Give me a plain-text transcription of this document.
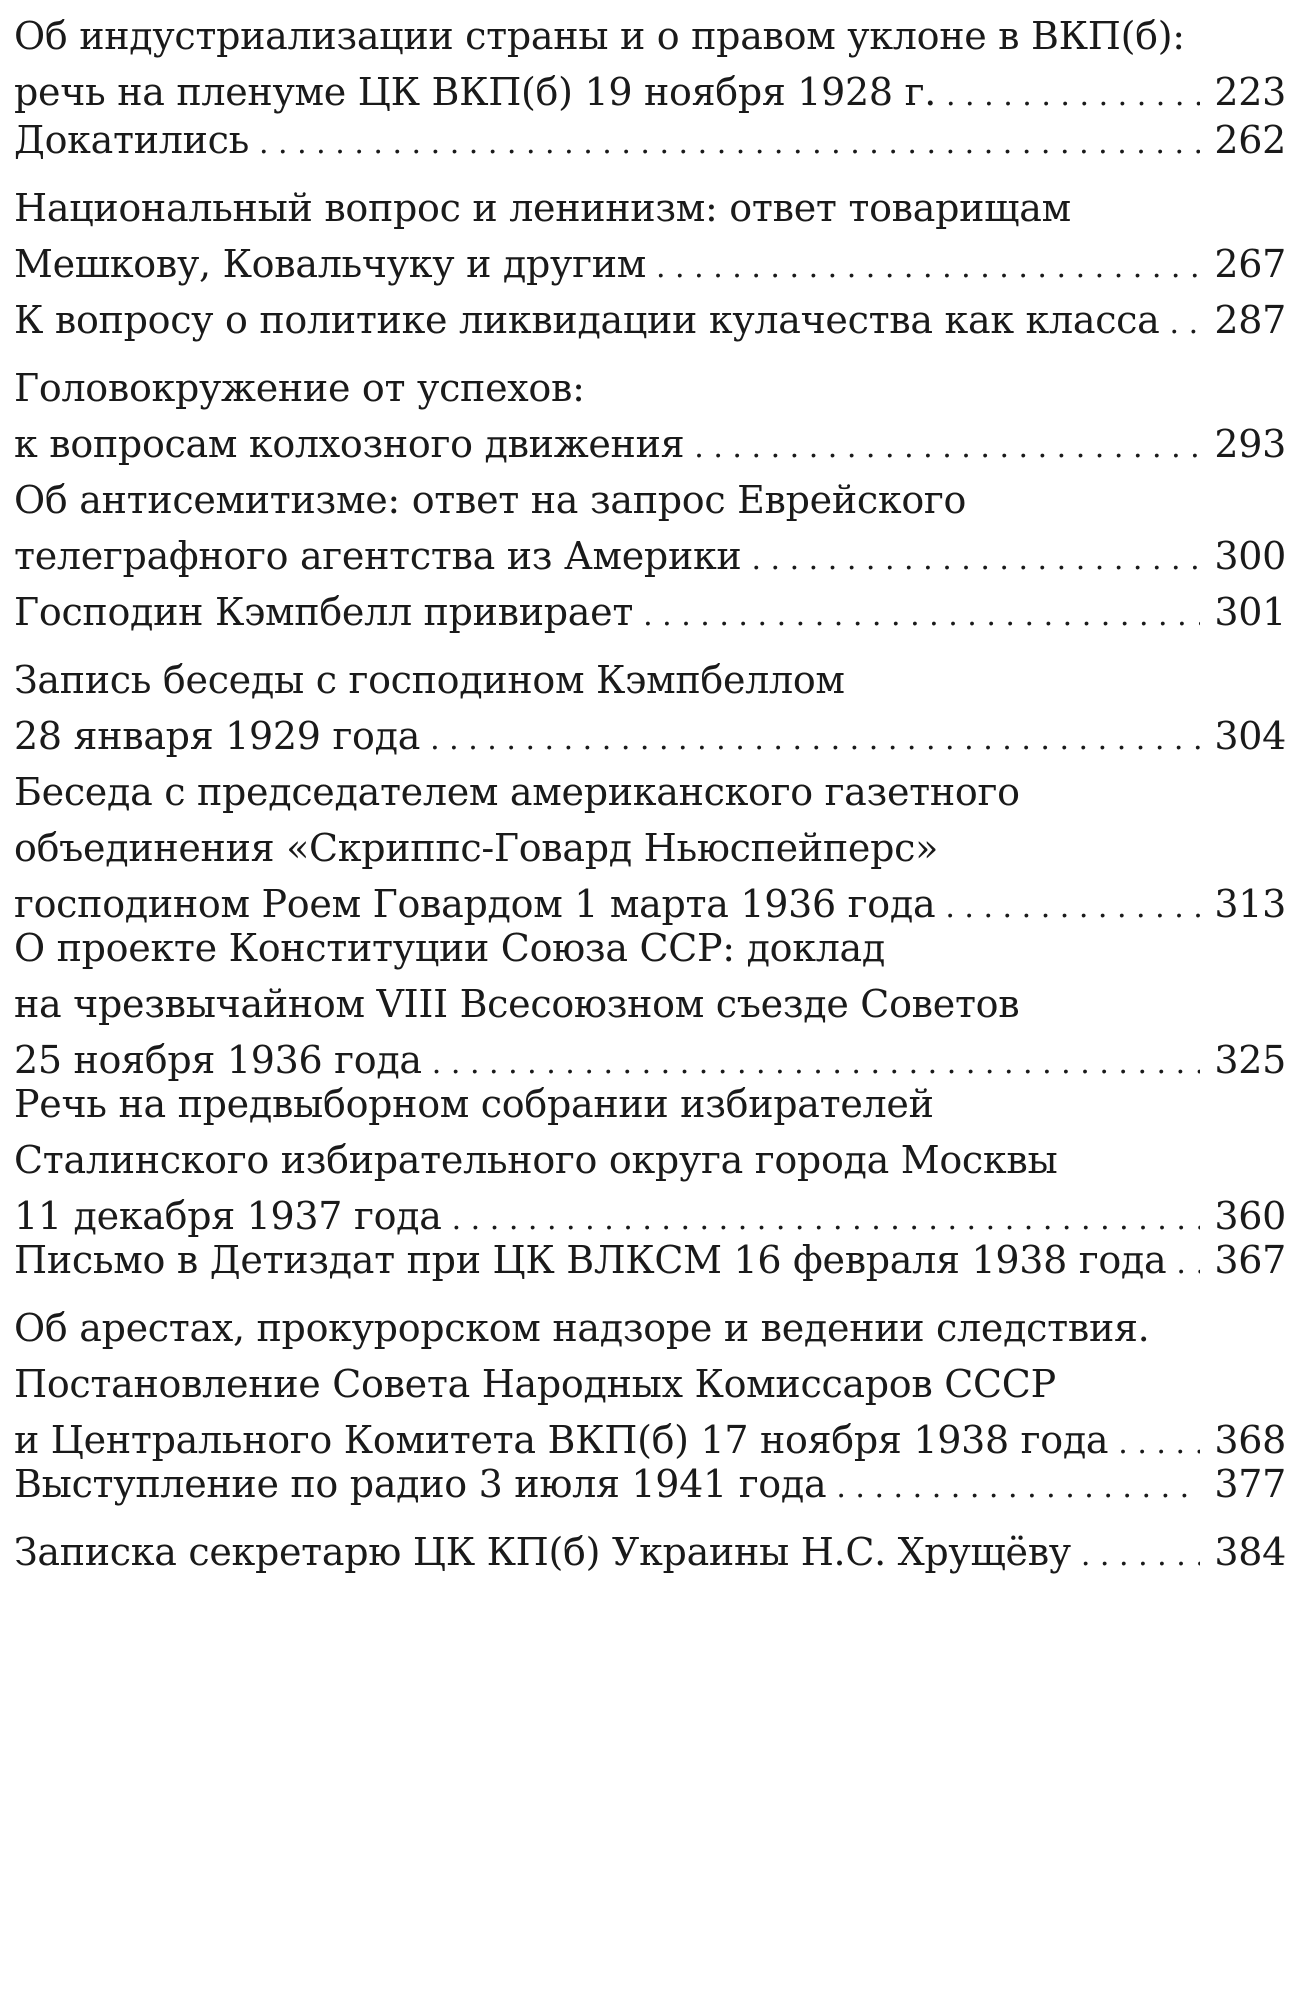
Об индустриализации страны и о правом уклоне в ВКП(б):
речь на пленуме ЦК ВКП(б) 19 ноября 1928 г. . . .	223
Докатились . . .	262
Национальный вопрос и ленинизм: ответ товарищам
Мешкову, Ковальчуку и другим . . .	267
К вопросу о политике ликвидации кулачества как класса . . . 287
Головокружение от успехов:
к вопросам колхозного движения . . .	293
Об антисемитизме: ответ на запрос Еврейского
телеграфного агентства из Америки . . .	300
Господин Кэмпбелл привирает . . .	301
Запись беседы с господином Кэмпбеллом
28 января 1929 года . . .	304
Беседа с председателем американского газетного
объединения «Скриппс-Говард Ньюспейперс»
господином Роем Говардом 1 марта 1936 года . . .	313
О проекте Конституции Союза ССР: доклад
на чрезвычайном VIII Всесоюзном съезде Советов
25 ноября 1936 года . . .	325
Речь на предвыборном собрании избирателей
Сталинского избирательного округа города Москвы
11 декабря 1937 года . . .	360
Письмо в Детиздат при ЦК ВЛКСМ 16 февраля 1938 года . . . 367
Об арестах, прокурорском надзоре и ведении следствия.
Постановление Совета Народных Комиссаров СССР
и Центрального Комитета ВКП(б) 17 ноября 1938 года . . .	368
Выступление по радио 3 июля 1941 года . . .	377
Записка секретарю ЦК КП(б) Украины Н.С. Хрущёву . . .	384
